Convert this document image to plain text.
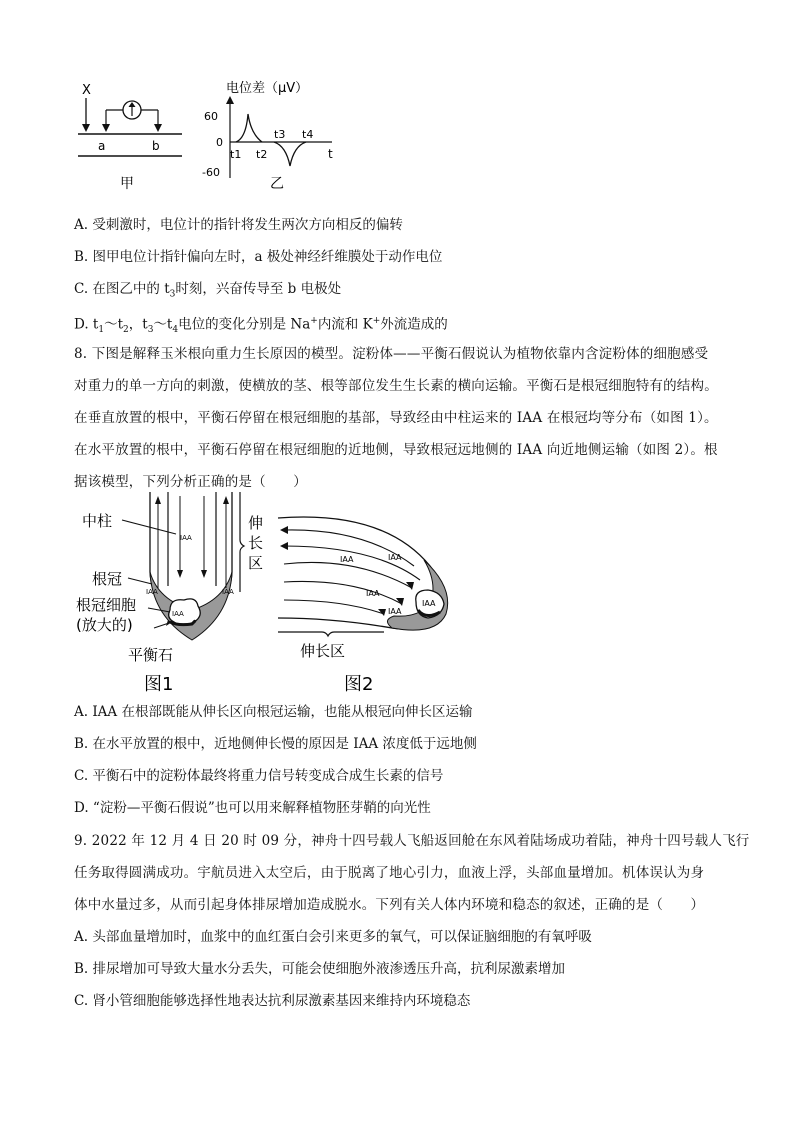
X
a	b
甲
电位差（μV）
60
0
-60
t1 t2
t3 t4
t
乙
A. 受刺激时，电位计的指针将发生两次方向相反的偏转
B. 图甲电位计指针偏向左时，a 极处神经纤维膜处于动作电位
C. 在图乙中的 $t_3$时刻，兴奋传导至 b 电极处
D. $t_1\sim t_2$，$t_3\sim t_4$电位的变化分别是 Na+内流和 K+外流造成的
8. 下图是解释玉米根向重力生长原因的模型。淀粉体——平衡石假说认为植物依靠内含淀粉体的细胞感受
对重力的单一方向的刺激，使横放的茎、根等部位发生生长素的横向运输。平衡石是根冠细胞特有的结构。
在垂直放置的根中，平衡石停留在根冠细胞的基部，导致经由中柱运来的 IAA 在根冠均等分布（如图 1）。
在水平放置的根中，平衡石停留在根冠细胞的近地侧，导致根冠远地侧的 IAA 向近地侧运输（如图 2）。根
据该模型，下列分析正确的是（　　）
IAA
IAA	IAA
IAA
伸
长
区
中柱
根冠
根冠细胞
(放大的)
平衡石
图1
IAA	IAA
IAA
IAA
IAA
伸长区
图2
A. IAA 在根部既能从伸长区向根冠运输，也能从根冠向伸长区运输
B. 在水平放置的根中，近地侧伸长慢的原因是 IAA 浓度低于远地侧
C. 平衡石中的淀粉体最终将重力信号转变成合成生长素的信号
D. “淀粉—平衡石假说”也可以用来解释植物胚芽鞘的向光性
9. 2022 年 12 月 4 日 20 时 09 分，神舟十四号载人飞船返回舱在东风着陆场成功着陆，神舟十四号载人飞行
任务取得圆满成功。宇航员进入太空后，由于脱离了地心引力，血液上浮，头部血量增加。机体误认为身
体中水量过多，从而引起身体排尿增加造成脱水。下列有关人体内环境和稳态的叙述，正确的是（　　）
A. 头部血量增加时，血浆中的血红蛋白会引来更多的氧气，可以保证脑细胞的有氧呼吸
B. 排尿增加可导致大量水分丢失，可能会使细胞外液渗透压升高，抗利尿激素增加
C. 肾小管细胞能够选择性地表达抗利尿激素基因来维持内环境稳态
